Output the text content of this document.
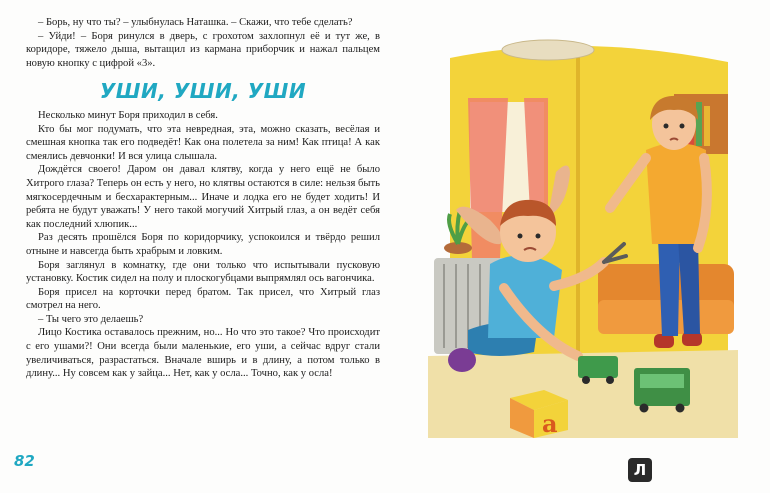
– Борь, ну что ты? – улыбнулась Наташка. – Скажи, что тебе сделать?

– Уйди! – Боря ринулся в дверь, с грохотом захлопнул её и тут же, в коридоре, тяжело дыша, вытащил из кармана приборчик и нажал пальцем новую кнопку с цифрой «3».

УШИ, УШИ, УШИ

Несколько минут Боря приходил в себя.

Кто бы мог подумать, что эта невредная, эта, можно сказать, весёлая и смешная кнопка так его подведёт! Как она полетела за ним! Как птица! А как смеялись девчонки! И вся улица слышала.

Дождётся своего! Даром он давал клятву, когда у него ещё не было Хитрого глаза? Теперь он есть у него, но клятвы остаются в силе: нельзя быть мягкосердечным и бесхарактерным... Иначе и лодка его не будет ходить! И ребята не будут уважать! У него такой могучий Хитрый глаз, а он ведёт себя как последний хлюпик...

Раз десять прошёлся Боря по коридорчику, успокоился и твёрдо решил отныне и навсегда быть храбрым и ловким.

Боря заглянул в комнатку, где они только что испытывали пусковую установку. Костик сидел на полу и плоскогубцами выпрямлял ось вагончика.

Боря присел на корточки перед братом. Так присел, что Хитрый глаз смотрел на него.

– Ты чего это делаешь?

Лицо Костика оставалось прежним, но... Но что это такое? Что происходит с его ушами?! Они всегда были маленькие, его уши, а сейчас вдруг стали увеличиваться, разрастаться. Вначале вширь и в длину, а потом только в длину... Ну совсем как у зайца... Нет, как у осла... Точно, как у ослa!

82
а
Л
